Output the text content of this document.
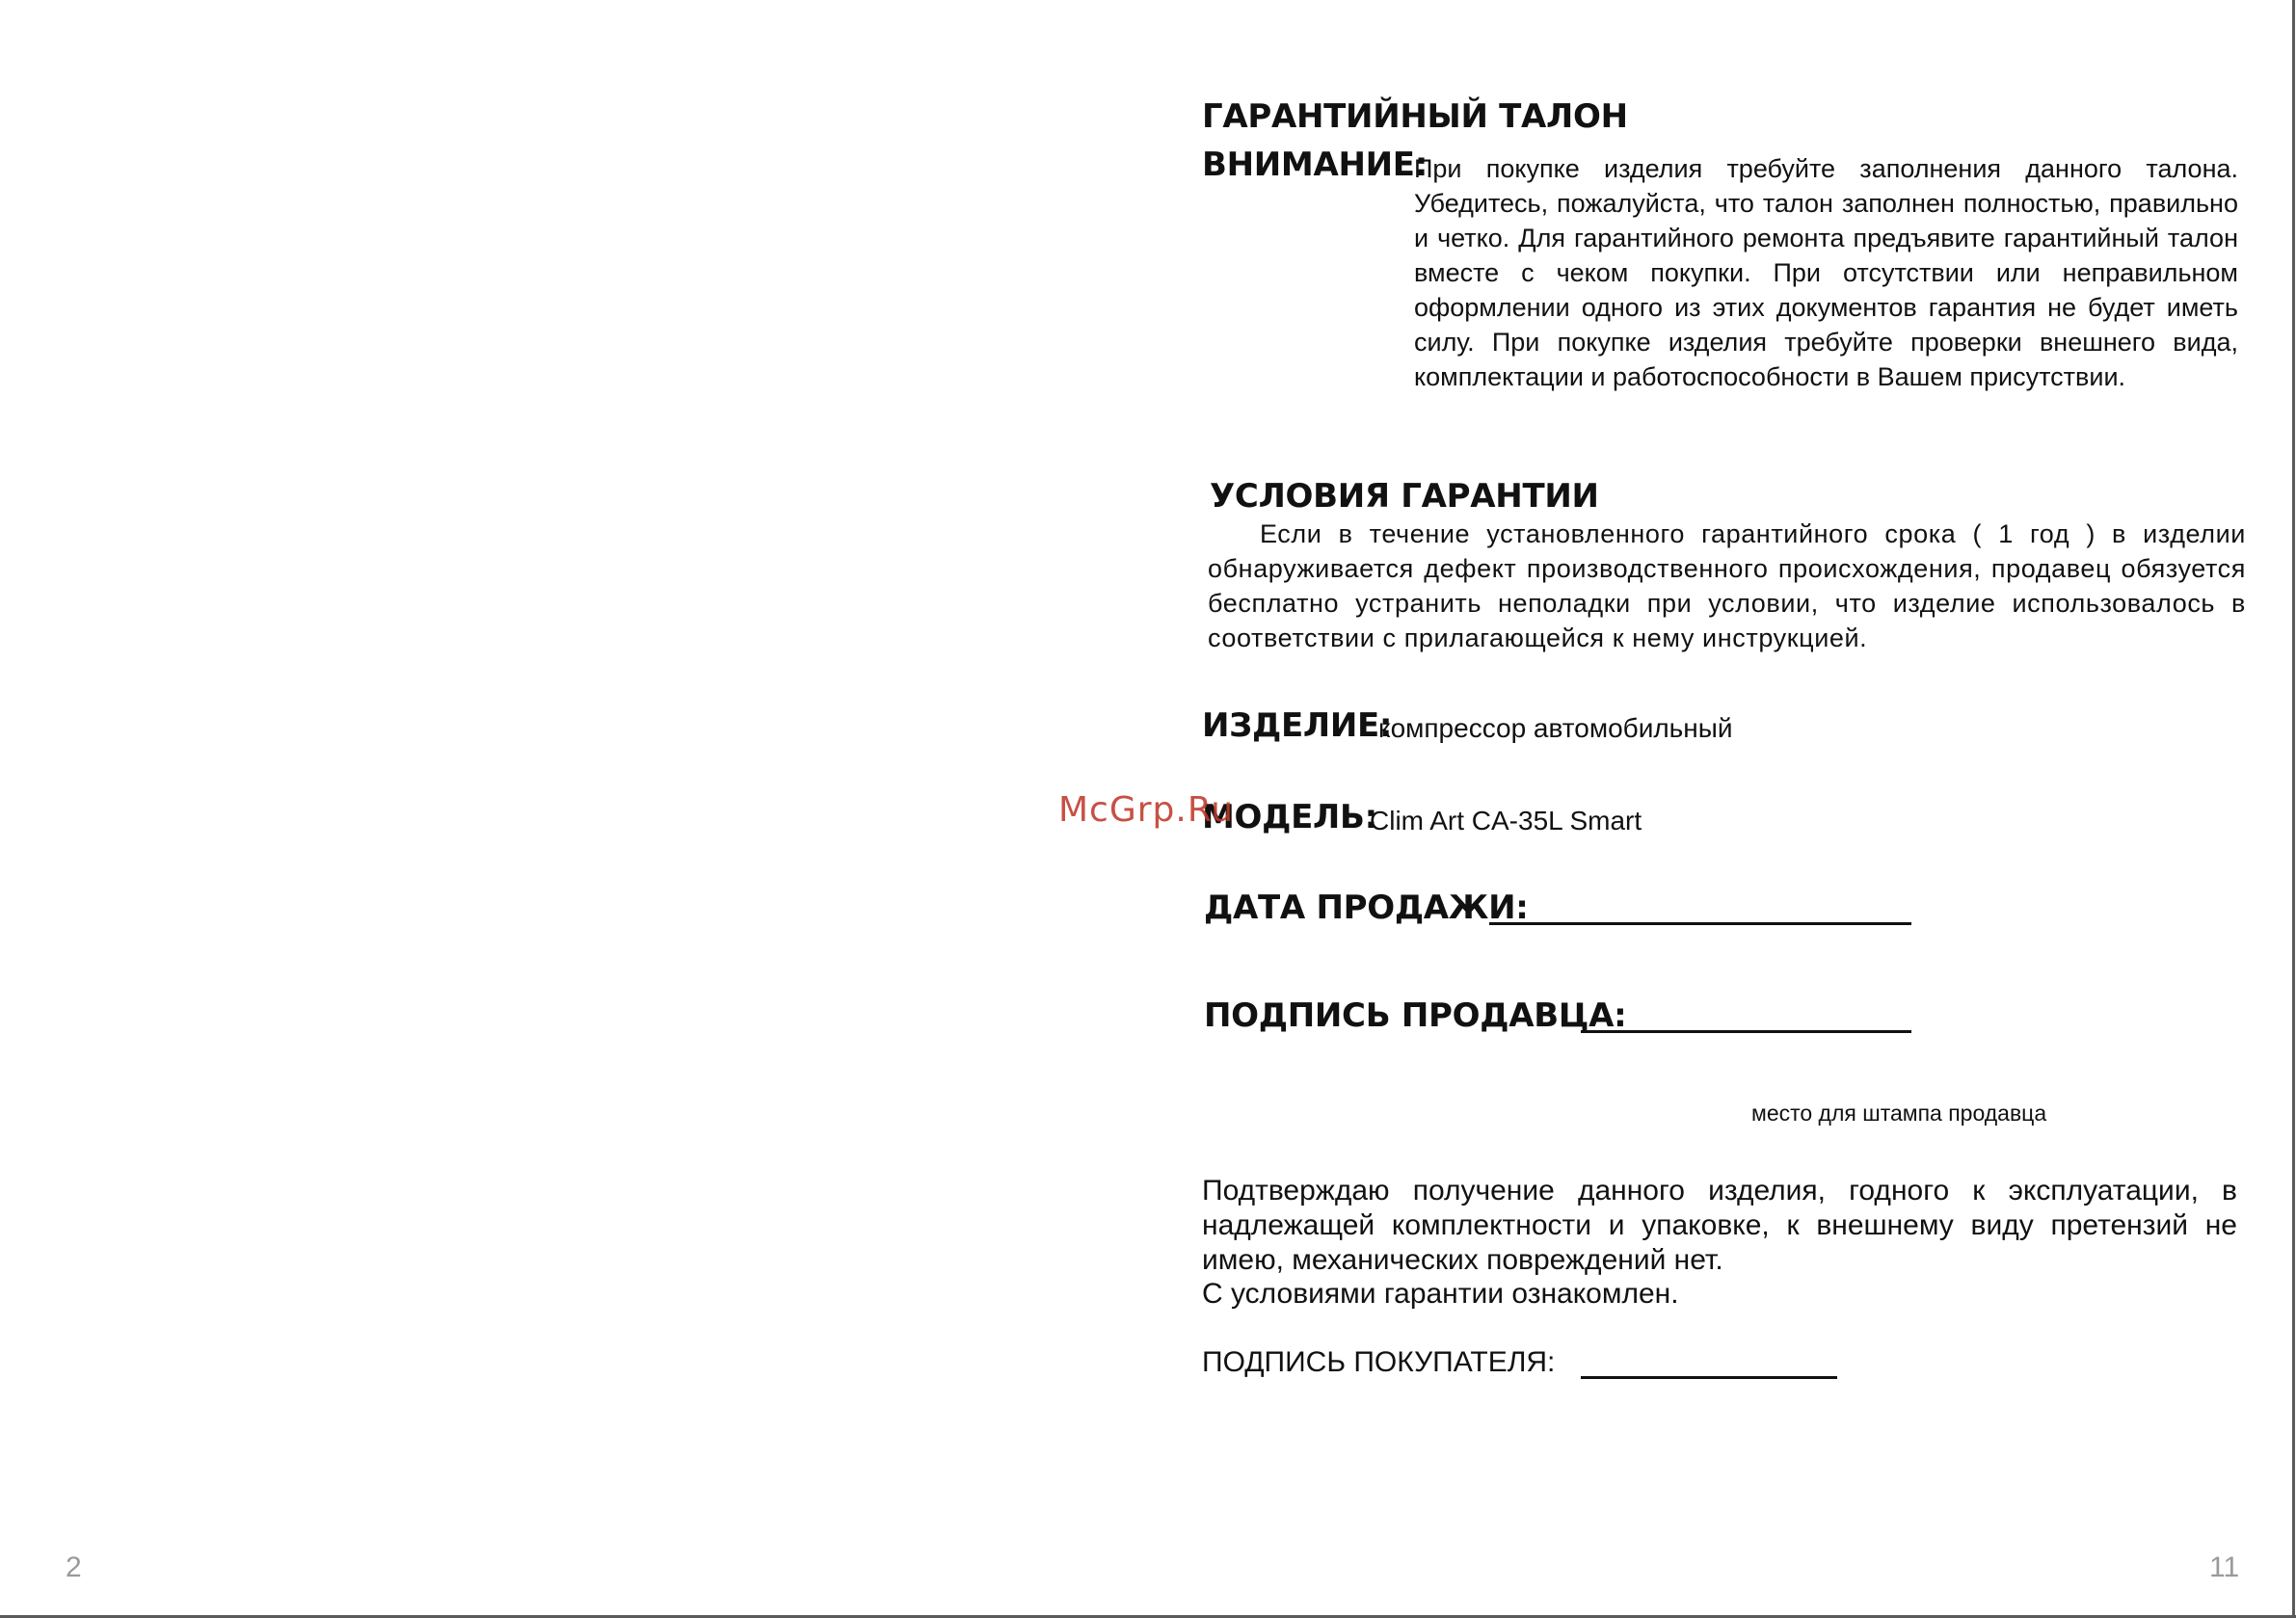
ГАРАНТИЙНЫЙ ТАЛОН
ВНИМАНИЕ:
При покупке изделия требуйте заполнения данного талона. Убедитесь, пожалуйста, что талон заполнен полностью, правильно и четко. Для гарантийного ремонта предъявите гарантийный талон вместе с чеком покупки. При отсутствии или неправильном оформлении одного из этих документов гарантия не будет иметь силу. При покупке изделия требуйте проверки внешнего вида, комплектации и работоспособности в Вашем присутствии.
УСЛОВИЯ ГАРАНТИИ
Если в течение установленного гарантийного срока ( 1 год ) в изделии обнаруживается дефект производственного происхождения, продавец обязуется бесплатно устранить неполадки при условии, что изделие использовалось в соответствии с прилагающейся к нему инструкцией.
ИЗДЕЛИЕ:
компрессор автомобильный
МОДЕЛЬ:
Clim Art CA-35L Smart
ДАТА ПРОДАЖИ:
ПОДПИСЬ ПРОДАВЦА:
место для штампа продавца
Подтверждаю получение данного изделия, годного к эксплуатации, в надлежащей комплектности и упаковке, к внешнему виду претензий не имею, механических повреждений нет.
С условиями гарантии ознакомлен.
ПОДПИСЬ ПОКУПАТЕЛЯ:
McGrp.Ru
2	11
